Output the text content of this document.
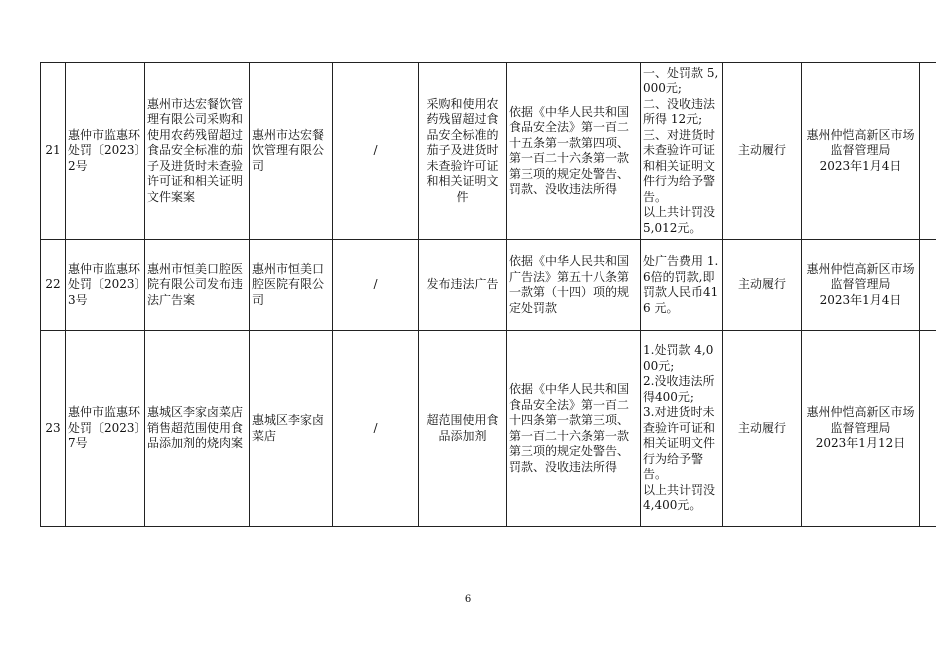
21	惠仲市监惠环处罚〔2023〕2号	惠州市达宏餐饮管理有限公司采购和使用农药残留超过食品安全标准的茄子及进货时未查验许可证和相关证明文件案案	惠州市达宏餐饮管理有限公司	/	采购和使用农药残留超过食品安全标准的茄子及进货时未查验许可证和相关证明文件	依据《中华人民共和国食品安全法》第一百二十五条第一款第四项、第一百二十六条第一款第三项的规定处警告、罚款、没收违法所得	一、处罚款 5,000元;
二、没收违法所得 12元;
三、对进货时未查验许可证和相关证明文件行为给予警告。
以上共计罚没5,012元。	主动履行	惠州仲恺高新区市场监督管理局
2023年1月4日	

22	惠仲市监惠环处罚〔2023〕3号	惠州市恒美口腔医院有限公司发布违法广告案	惠州市恒美口腔医院有限公司	/	发布违法广告	依据《中华人民共和国广告法》第五十八条第一款第（十四）项的规定处罚款	处广告费用 1.6倍的罚款,即罚款人民币416 元。	主动履行	惠州仲恺高新区市场监督管理局
2023年1月4日	

23	惠仲市监惠环处罚〔2023〕7号	惠城区李家卤菜店销售超范围使用食品添加剂的烧肉案	惠城区李家卤菜店	/	超范围使用食品添加剂	依据《中华人民共和国食品安全法》第一百二十四条第一款第三项、第一百二十六条第一款第三项的规定处警告、 罚款、没收违法所得	1.处罚款 4,000元;
2.没收违法所得400元;
3.对进货时未查验许可证和相关证明文件行为给予警告。
以上共计罚没4,400元。	主动履行	惠州仲恺高新区市场监督管理局
2023年1月12日	

6
